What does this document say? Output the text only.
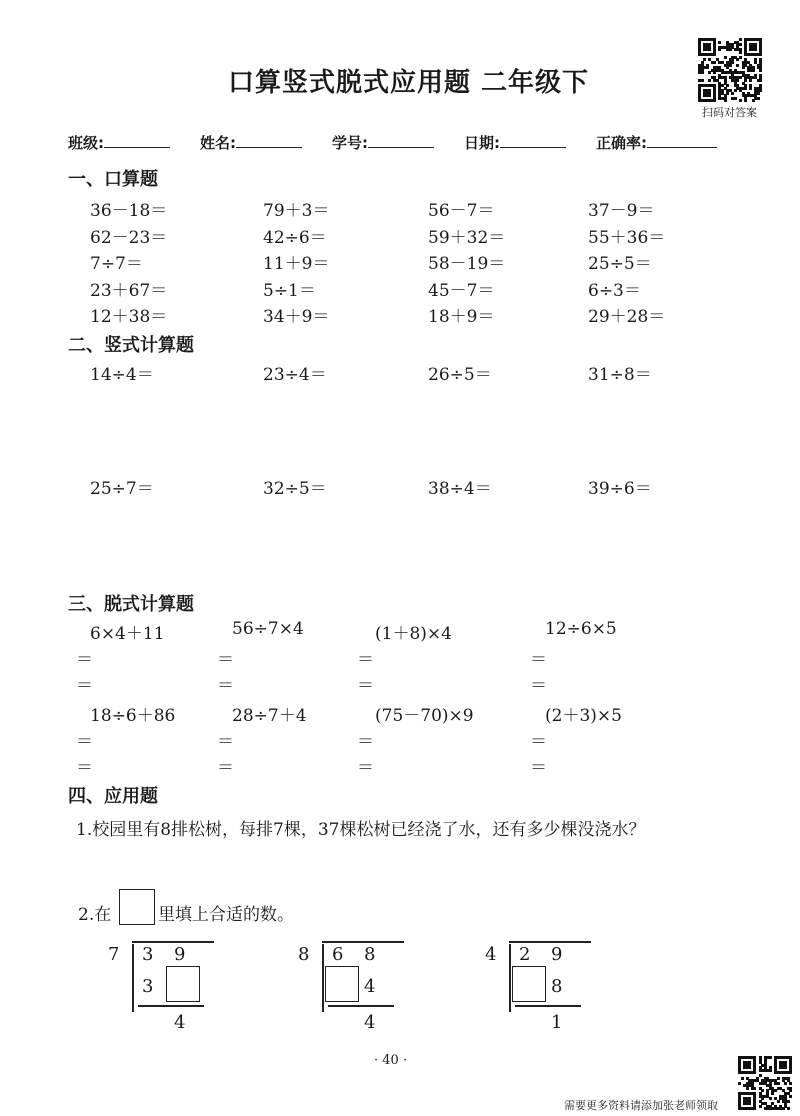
扫码对答案
口算竖式脱式应用题 二年级下
班级:	姓名:	学号:	日期:	正确率:
一、口算题
二、竖式计算题
三、脱式计算题
四、应用题
1.校园里有8排松树，每排7棵，37棵松树已经浇了水，还有多少棵没浇水？
2.在	里填上合适的数。
· 40 ·
需要更多资料请添加张老师领取
36－18＝	79＋3＝	56－7＝	37－9＝
62－23＝	42÷6＝	59＋32＝	55＋36＝
7÷7＝	11＋9＝	58－19＝	25÷5＝
23＋67＝	5÷1＝	45－7＝	6÷3＝
12＋38＝	34＋9＝	18＋9＝	29＋28＝
14÷4＝	23÷4＝	26÷5＝	31÷8＝
25÷7＝	32÷5＝	38÷4＝	39÷6＝
6×4＋11
＝
＝
56÷7×4
＝
＝
(1＋8)×4
＝
＝
12÷6×5
＝
＝
18÷6＋86
＝
＝
28÷7＋4
＝
＝
(75－70)×9
＝
＝
(2＋3)×5
＝
＝
7 3 9
3
4
8 6 8
4
4
4 2 9
8
1
